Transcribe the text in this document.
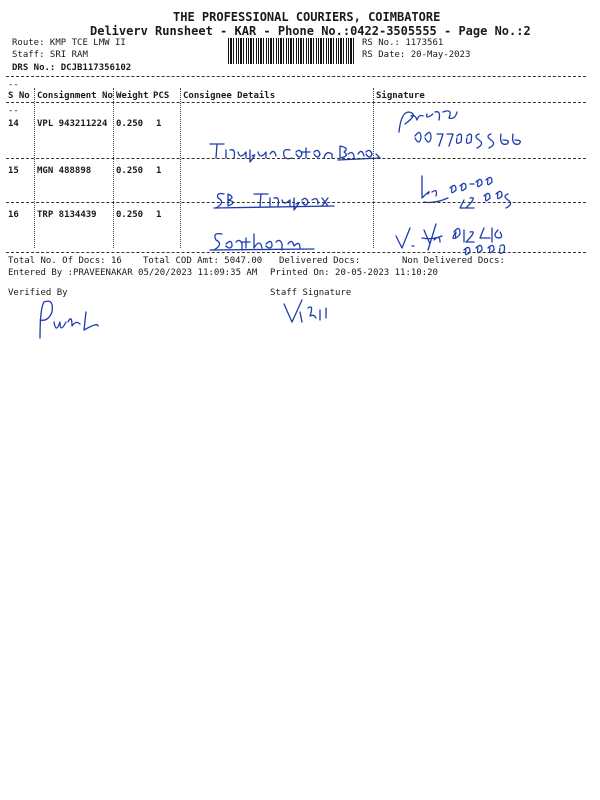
THE PROFESSIONAL COURIERS, COIMBATORE
Deliverv Runsheet - KAR - Phone No.:0422-3505555 - Page No.:2
Route: KMP TCE LMW II
Staff: SRI RAM
DRS No.: DCJB117356102
RS No.: 1173561
RS Date: 20-May-2023
--
S No Consignment No Weight PCS Consignee Details	Signature
--
14 VPL 943211224 0.250 1
15 MGN 488898	0.250 1
16 TRP 8134439 0.250 1
Total No. Of Docs: 16 Total COD Amt: 5047.00 Delivered Docs:	Non Delivered Docs:
Entered By :PRAVEENAKAR 05/20/2023 11:09:35 AM Printed On: 20-05-2023 11:10:20
Verified By	Staff Signature
